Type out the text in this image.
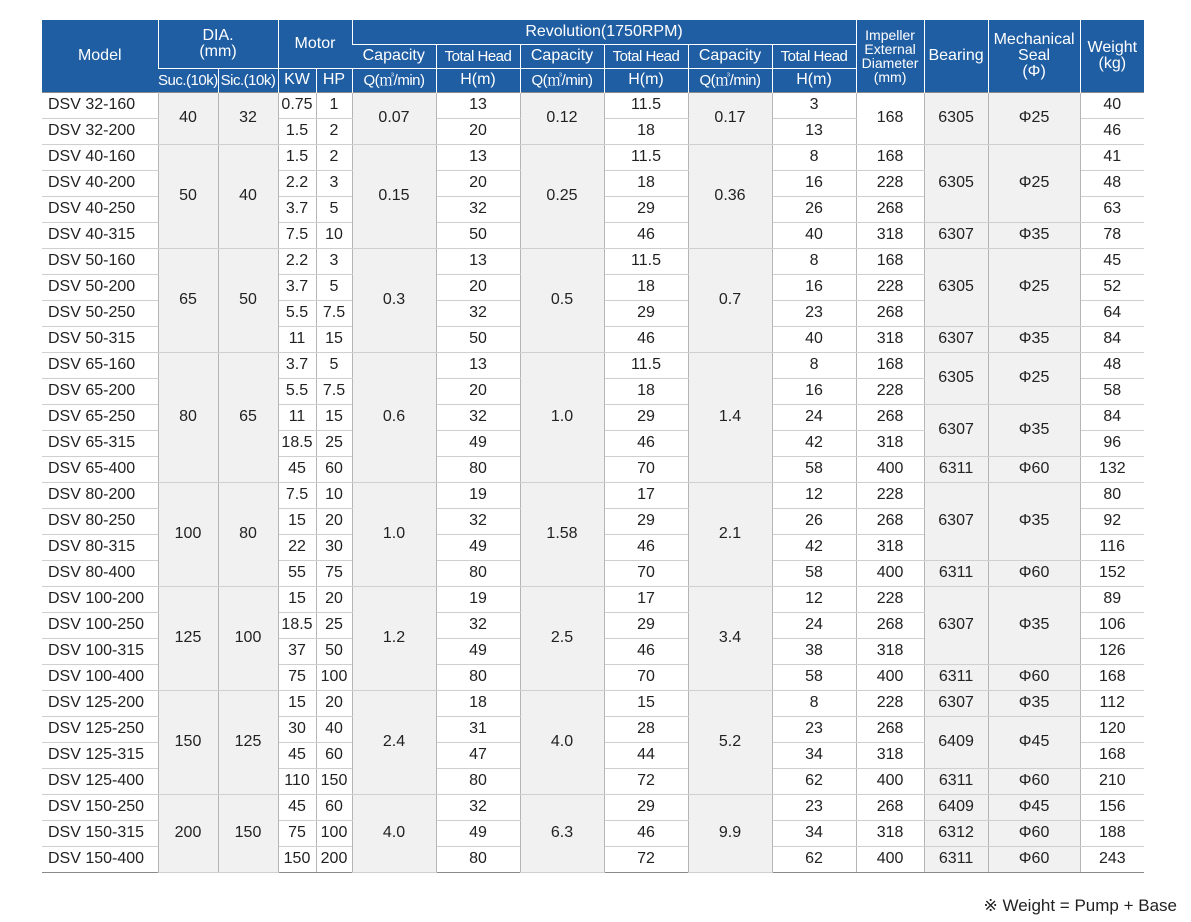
Model	DIA.
(mm)		Motor		Revolution(1750RPM)						Impeller
External
Diameter
(mm)	Bearing	Mechanical
Seal
(Φ)	Weight
(kg)
					Capacity	Total Head	Capacity	Total Head	Capacity	Total Head				
	Suc.(10k)	Sic.(10k)	KW	HP	Q(㎥/min)	H(m)	Q(㎥/min)	H(m)	Q(㎥/min)	H(m)				
DSV 32-160	40	32	0.75	1	0.07	13	0.12	11.5	0.17	3	168	6305	Φ25	40
DSV 32-200			1.5	2		20		18		13				46
DSV 40-160	50	40	1.5	2	0.15	13	0.25	11.5	0.36	8	168	6305	Φ25	41
DSV 40-200			2.2	3		20		18		16	228			48
DSV 40-250			3.7	5		32		29		26	268			63
DSV 40-315			7.5	10		50		46		40	318	6307	Φ35	78
DSV 50-160	65	50	2.2	3	0.3	13	0.5	11.5	0.7	8	168	6305	Φ25	45
DSV 50-200			3.7	5		20		18		16	228			52
DSV 50-250			5.5	7.5		32		29		23	268			64
DSV 50-315			11	15		50		46		40	318	6307	Φ35	84
DSV 65-160	80	65	3.7	5	0.6	13	1.0	11.5	1.4	8	168	6305	Φ25	48
DSV 65-200			5.5	7.5		20		18		16	228			58
DSV 65-250			11	15		32		29		24	268	6307	Φ35	84
DSV 65-315			18.5	25		49		46		42	318			96
DSV 65-400			45	60		80		70		58	400	6311	Φ60	132
DSV 80-200	100	80	7.5	10	1.0	19	1.58	17	2.1	12	228	6307	Φ35	80
DSV 80-250			15	20		32		29		26	268			92
DSV 80-315			22	30		49		46		42	318			116
DSV 80-400			55	75		80		70		58	400	6311	Φ60	152
DSV 100-200	125	100	15	20	1.2	19	2.5	17	3.4	12	228	6307	Φ35	89
DSV 100-250			18.5	25		32		29		24	268			106
DSV 100-315			37	50		49		46		38	318			126
DSV 100-400			75	100		80		70		58	400	6311	Φ60	168
DSV 125-200	150	125	15	20	2.4	18	4.0	15	5.2	8	228	6307	Φ35	112
DSV 125-250			30	40		31		28		23	268	6409	Φ45	120
DSV 125-315			45	60		47		44		34	318			168
DSV 125-400			110	150		80		72		62	400	6311	Φ60	210
DSV 150-250	200	150	45	60	4.0	32	6.3	29	9.9	23	268	6409	Φ45	156
DSV 150-315			75	100		49		46		34	318	6312	Φ60	188
DSV 150-400			150	200		80		72		62	400	6311	Φ60	243
※ Weight = Pump + Base
